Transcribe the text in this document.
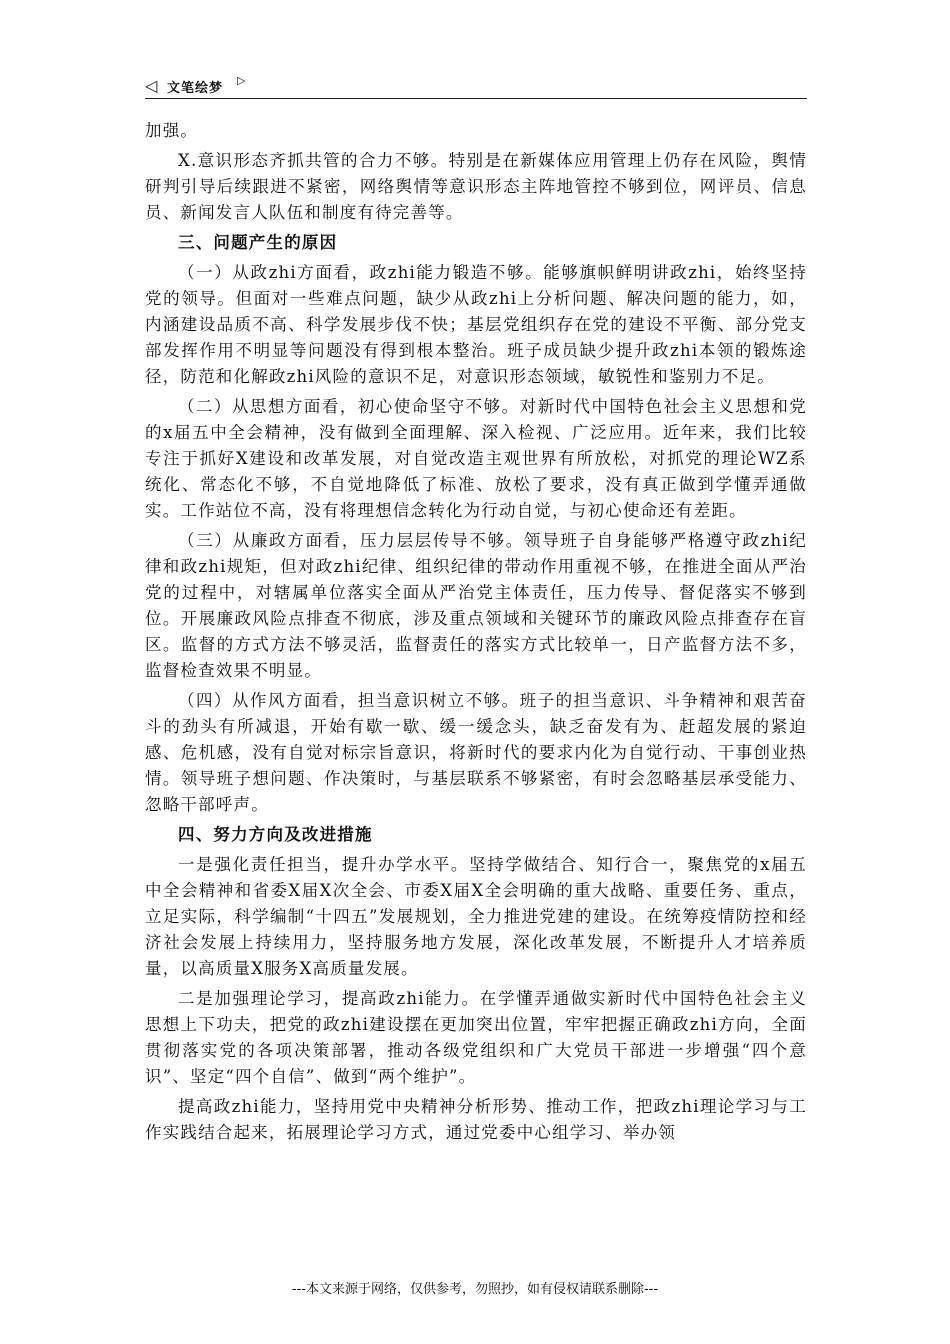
◁ 文笔绘梦
▷

加强。

X.意识形态齐抓共管的合力不够。特别是在新媒体应用管理上仍存在风险，舆情研判引导后续跟进不紧密，网络舆情等意识形态主阵地管控不够到位，网评员、信息员、新闻发言人队伍和制度有待完善等。

三、问题产生的原因

（一）从政zhi方面看，政zhi能力锻造不够。能够旗帜鲜明讲政zhi，始终坚持党的领导。但面对一些难点问题，缺少从政zhi上分析问题、解决问题的能力，如，内涵建设品质不高、科学发展步伐不快；基层党组织存在党的建设不平衡、部分党支部发挥作用不明显等问题没有得到根本整治。班子成员缺少提升政zhi本领的锻炼途径，防范和化解政zhi风险的意识不足，对意识形态领域，敏锐性和鉴别力不足。

（二）从思想方面看，初心使命坚守不够。对新时代中国特色社会主义思想和党的x届五中全会精神，没有做到全面理解、深入检视、广泛应用。近年来，我们比较专注于抓好X建设和改革发展，对自觉改造主观世界有所放松，对抓党的理论WZ系统化、常态化不够，不自觉地降低了标准、放松了要求，没有真正做到学懂弄通做实。工作站位不高，没有将理想信念转化为行动自觉，与初心使命还有差距。

（三）从廉政方面看，压力层层传导不够。领导班子自身能够严格遵守政zhi纪律和政zhi规矩，但对政zhi纪律、组织纪律的带动作用重视不够，在推进全面从严治党的过程中，对辖属单位落实全面从严治党主体责任，压力传导、督促落实不够到位。开展廉政风险点排查不彻底，涉及重点领域和关键环节的廉政风险点排查存在盲区。监督的方式方法不够灵活，监督责任的落实方式比较单一，日产监督方法不多，监督检查效果不明显。

（四）从作风方面看，担当意识树立不够。班子的担当意识、斗争精神和艰苦奋斗的劲头有所减退，开始有歇一歇、缓一缓念头，缺乏奋发有为、赶超发展的紧迫感、危机感，没有自觉对标宗旨意识，将新时代的要求内化为自觉行动、干事创业热情。领导班子想问题、作决策时，与基层联系不够紧密，有时会忽略基层承受能力、忽略干部呼声。

四、努力方向及改进措施

一是强化责任担当，提升办学水平。坚持学做结合、知行合一，聚焦党的x届五中全会精神和省委X届X次全会、市委X届X全会明确的重大战略、重要任务、重点，立足实际，科学编制“十四五”发展规划，全力推进党建的建设。在统筹疫情防控和经济社会发展上持续用力，坚持服务地方发展，深化改革发展，不断提升人才培养质量，以高质量X服务X高质量发展。

二是加强理论学习，提高政zhi能力。在学懂弄通做实新时代中国特色社会主义思想上下功夫，把党的政zhi建设摆在更加突出位置，牢牢把握正确政zhi方向，全面贯彻落实党的各项决策部署，推动各级党组织和广大党员干部进一步增强“四个意识”、坚定“四个自信”、做到“两个维护”。

提高政zhi能力，坚持用党中央精神分析形势、推动工作，把政zhi理论学习与工作实践结合起来，拓展理论学习方式，通过党委中心组学习、举办领

---本文来源于网络，仅供参考，勿照抄，如有侵权请联系删除---
